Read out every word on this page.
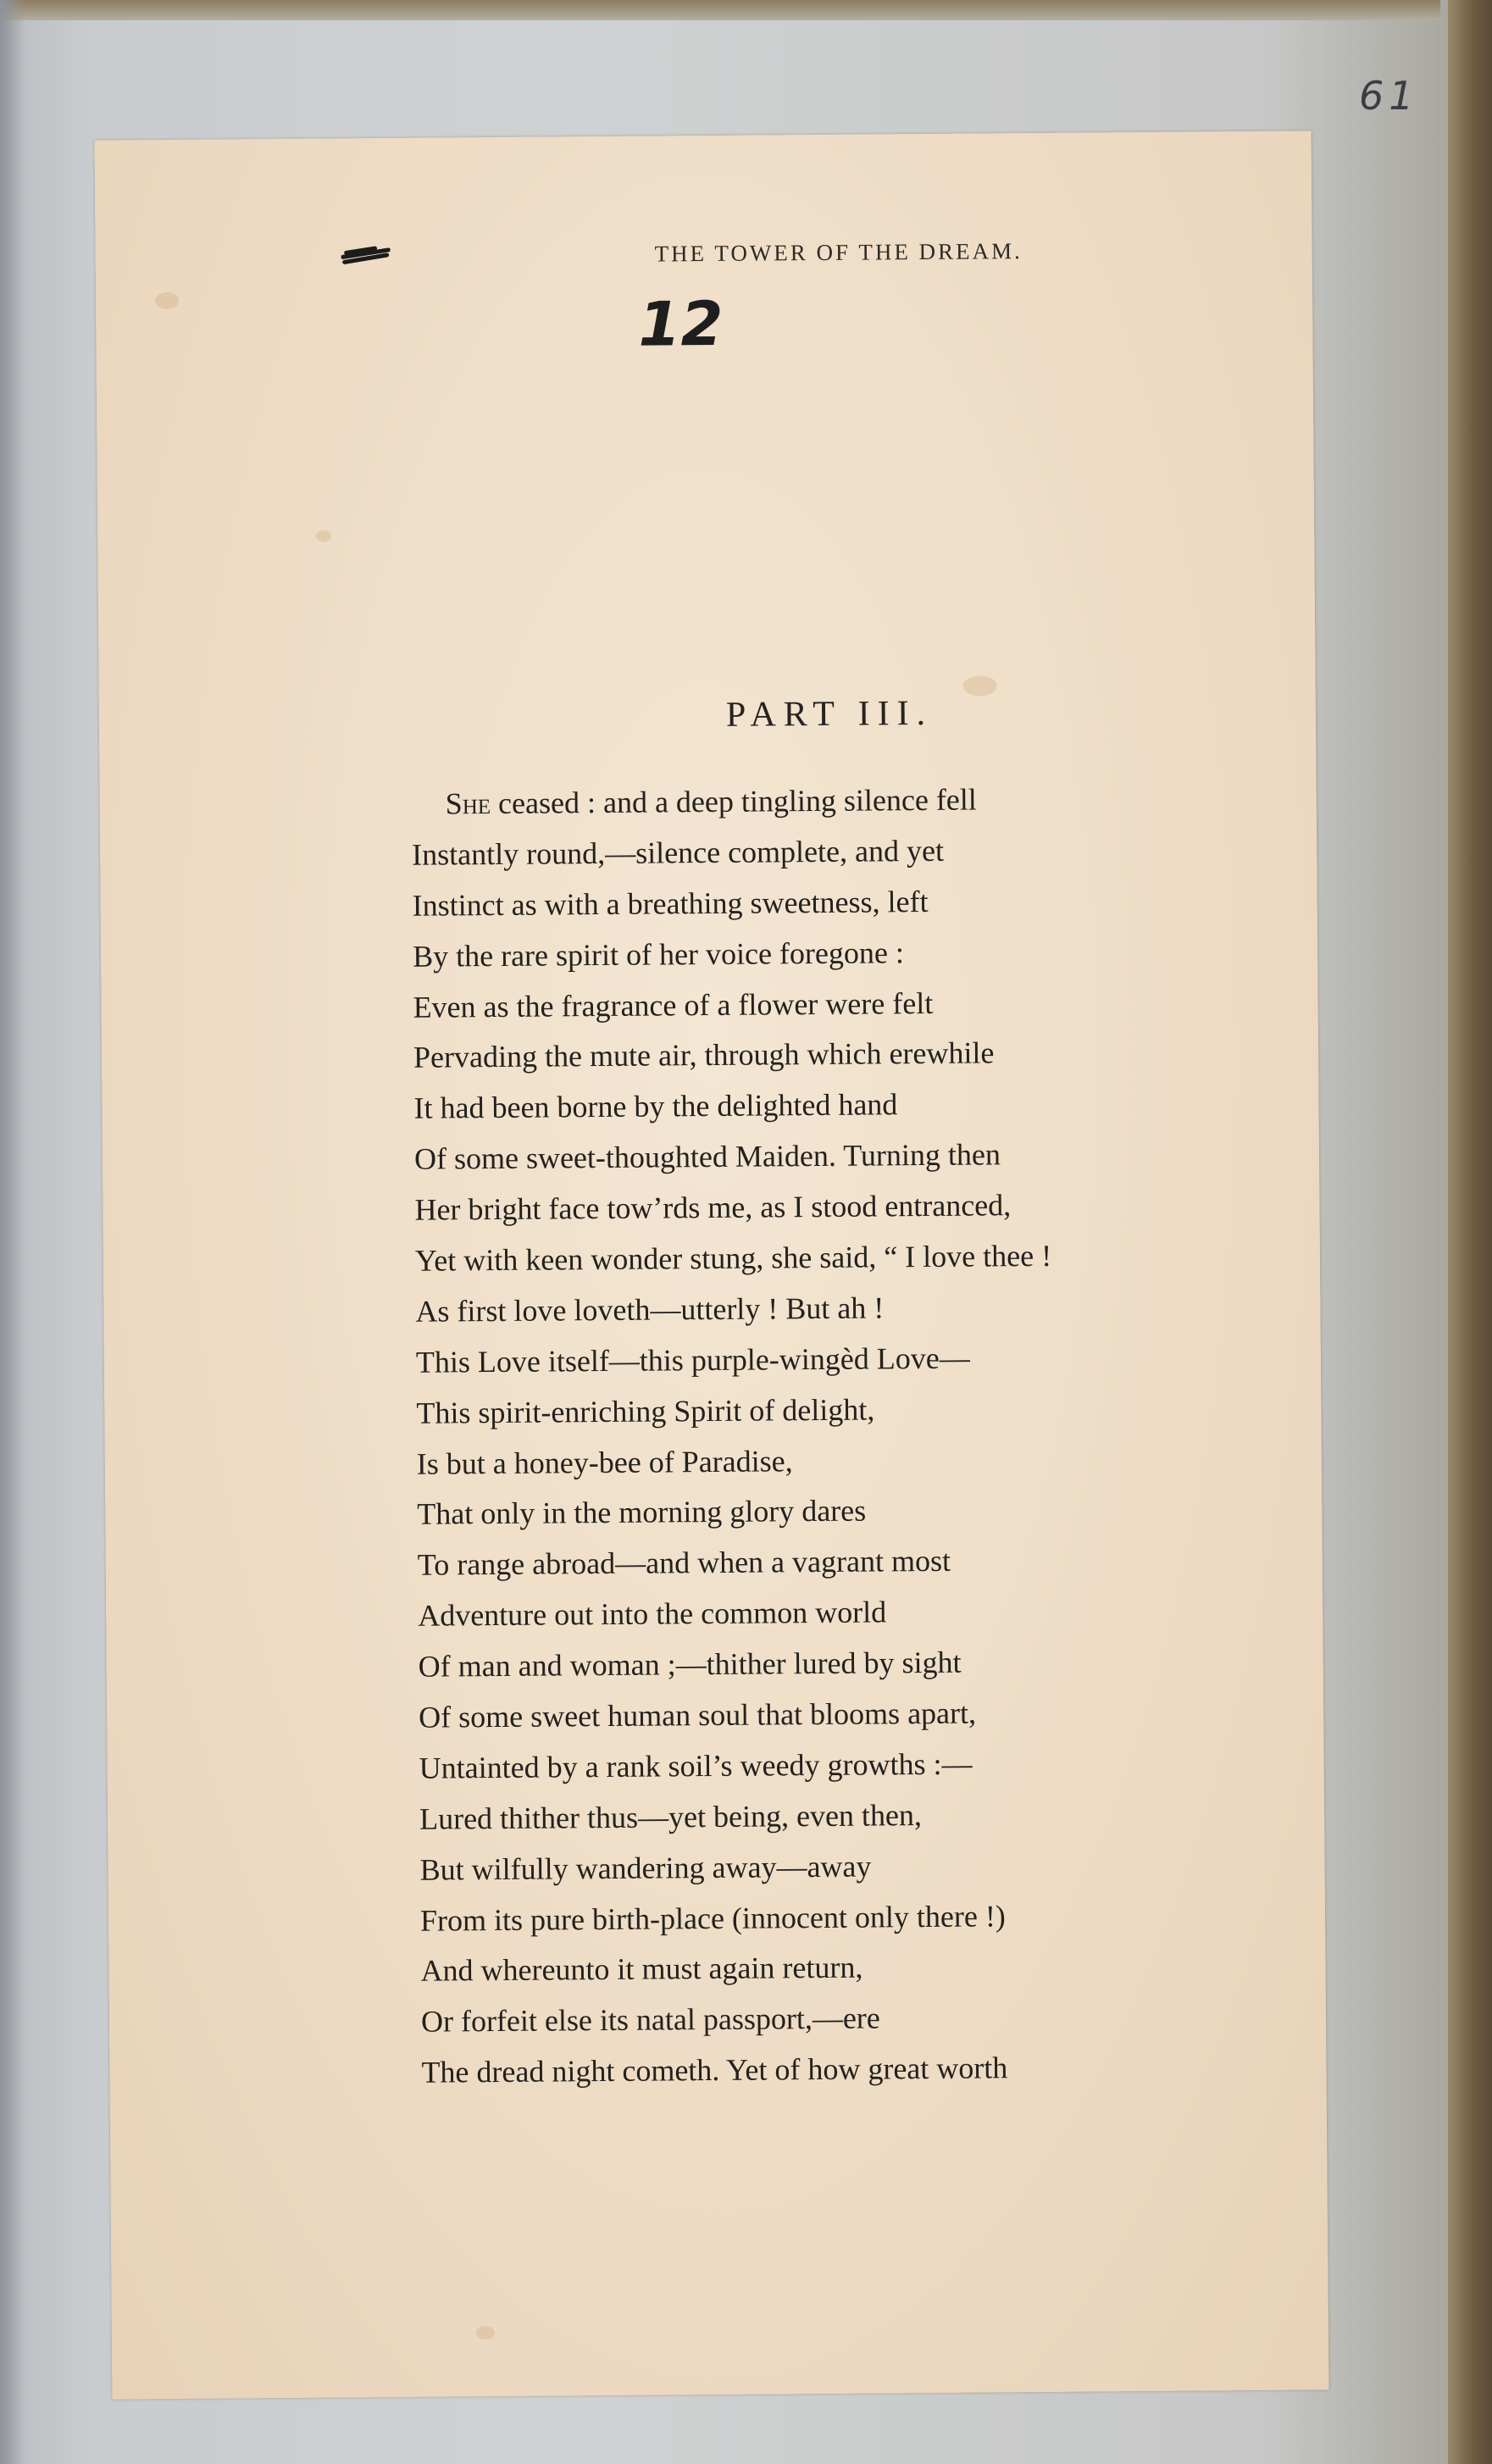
61
THE TOWER OF THE DREAM.
12
PART III.
She ceased : and a deep tingling silence fell
Instantly round,—silence complete, and yet
Instinct as with a breathing sweetness, left
By the rare spirit of her voice foregone :
Even as the fragrance of a flower were felt
Pervading the mute air, through which erewhile
It had been borne by the delighted hand
Of some sweet-thoughted Maiden. Turning then
Her bright face tow’rds me, as I stood entranced,
Yet with keen wonder stung, she said, “ I love thee !
As first love loveth—utterly ! But ah !
This Love itself—this purple-wingèd Love—
This spirit-enriching Spirit of delight,
Is but a honey-bee of Paradise,
That only in the morning glory dares
To range abroad—and when a vagrant most
Adventure out into the common world
Of man and woman ;—thither lured by sight
Of some sweet human soul that blooms apart,
Untainted by a rank soil’s weedy growths :—
Lured thither thus—yet being, even then,
But wilfully wandering away—away
From its pure birth-place (innocent only there !)
And whereunto it must again return,
Or forfeit else its natal passport,—ere
The dread night cometh. Yet of how great worth
